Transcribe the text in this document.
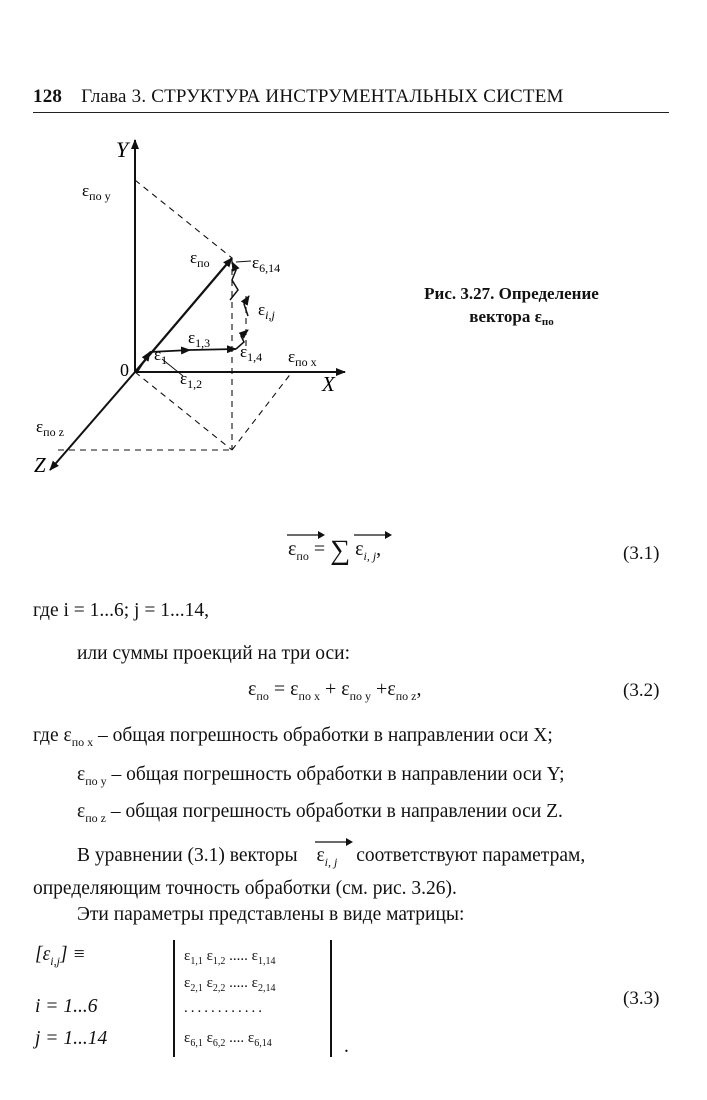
128 Глава 3. СТРУКТУРА ИНСТРУМЕНТАЛЬНЫХ СИСТЕМ
Y
X
Z
0
$\varepsilon_{по y}$
$\varepsilon_{по}$ $\varepsilon_{6,14}$
$\varepsilon_{i,j}$
$\varepsilon_{1,3}$ $\varepsilon_{1,4}$ $\varepsilon_{по x}$
$\varepsilon_1$
$\varepsilon_{1,2}$
$\varepsilon_{по z}$
Рис. 3.27. Определение
вектора $\varepsilon_{по}$
$\varepsilon_{по}$ = ∑ $\varepsilon_{i, j}$,	(3.1)
где i = 1...6; j = 1...14,
или суммы проекций на три оси:
$\varepsilon_{по} = \varepsilon_{по x} + \varepsilon_{по y} +\varepsilon_{по z}$,	(3.2)
где $\varepsilon_{по x}$ – общая погрешность обработки в направлении оси X;
$\varepsilon_{по y}$ – общая погрешность обработки в направлении оси Y;
$\varepsilon_{по z}$ – общая погрешность обработки в направлении оси Z.
В уравнении (3.1) векторы $\varepsilon_{i, j}$ соответствуют параметрам,
определяющим точность обработки (см. рис. 3.26).
Эти параметры представлены в виде матрицы:
$[\varepsilon_{i,j}]$ ≡
i = 1...6
j = 1...14
$\varepsilon_{1,1}$ $\varepsilon_{1,2}$ ..... $\varepsilon_{1,14}$
$\varepsilon_{2,1}$ $\varepsilon_{2,2}$ ..... $\varepsilon_{2,14}$
............
$\varepsilon_{6,1}$ $\varepsilon_{6,2}$ .... $\varepsilon_{6,14}$	.
(3.3)
